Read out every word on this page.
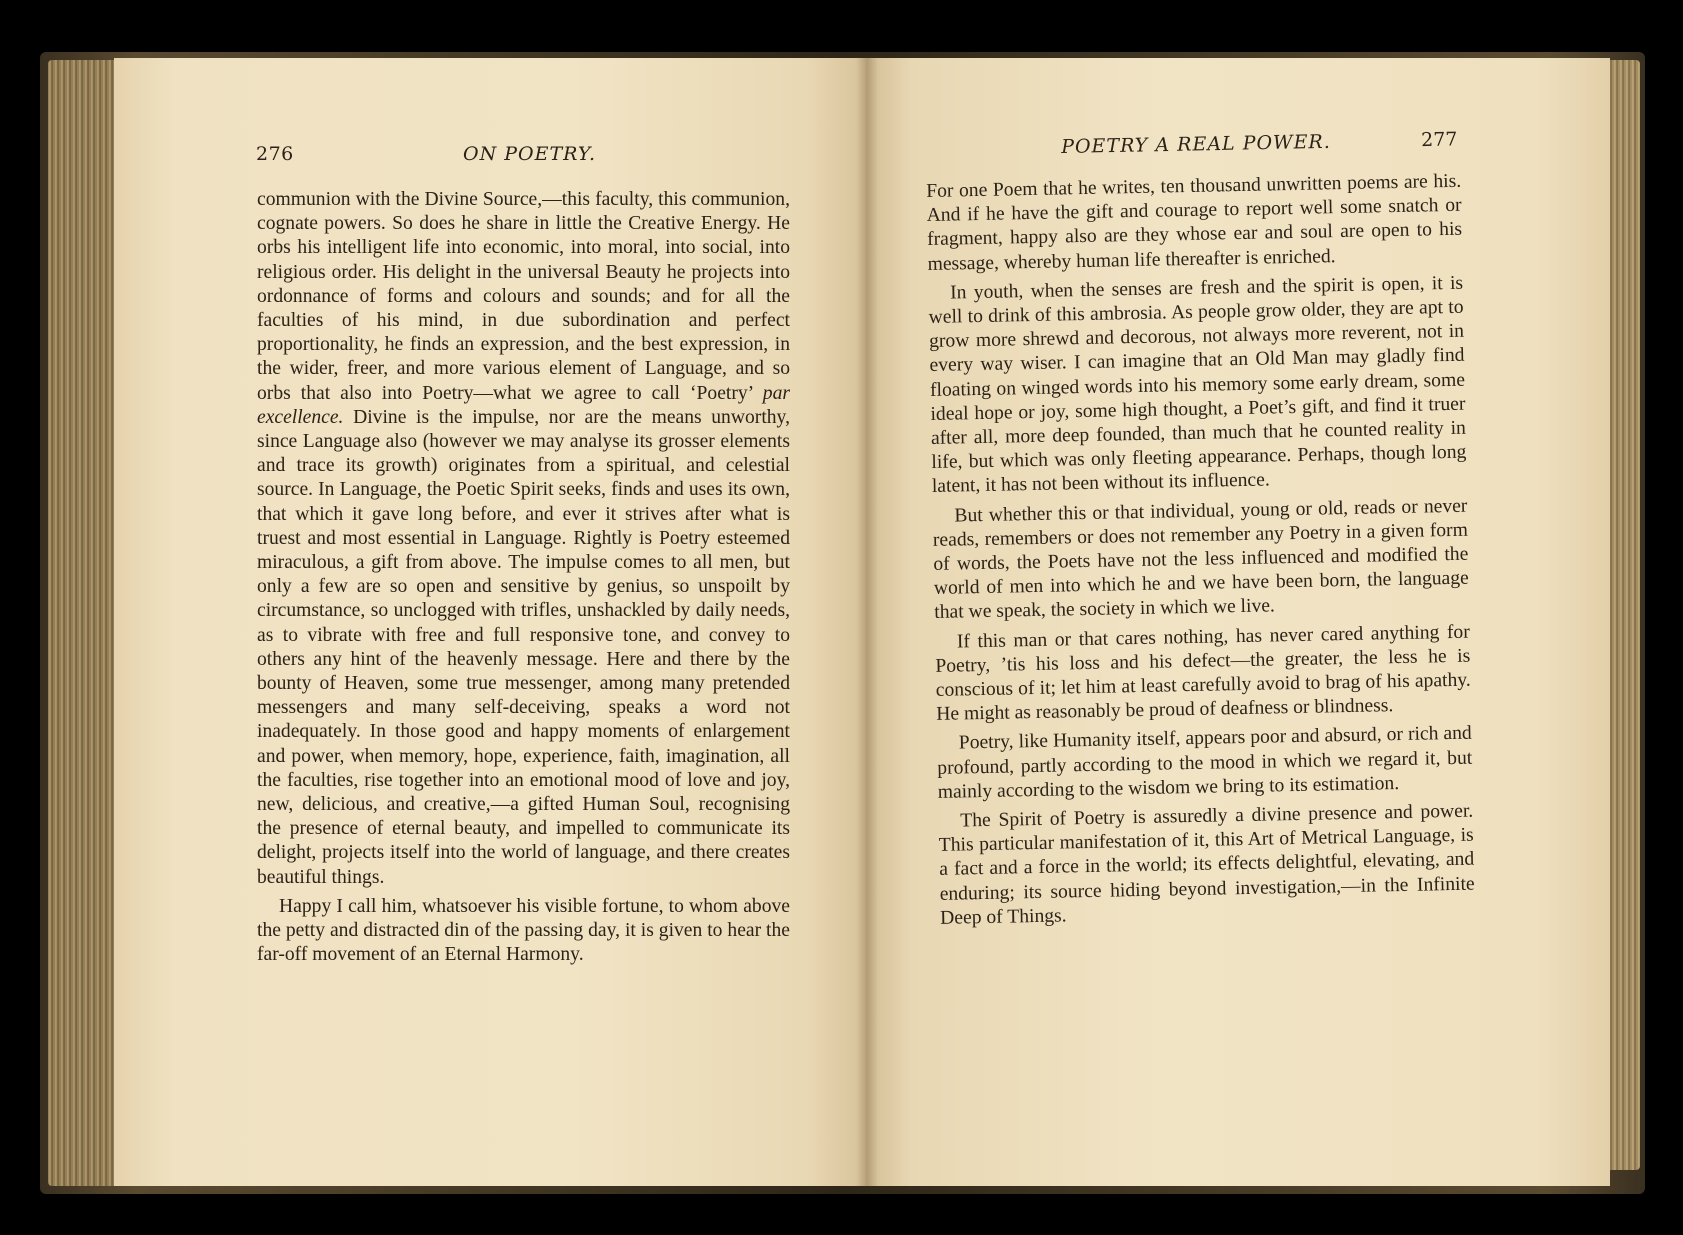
276	ON POETRY.

communion with the Divine Source,—this faculty, this communion, cognate powers. So does he share in little the Creative Energy. He orbs his intelligent life into economic, into moral, into social, into religious order. His delight in the universal Beauty he projects into ordonnance of forms and colours and sounds; and for all the faculties of his mind, in due subordination and perfect proportionality, he finds an expression, and the best expression, in the wider, freer, and more various element of Language, and so orbs that also into Poetry—what we agree to call ‘Poetry’ par excellence. Divine is the impulse, nor are the means unworthy, since Language also (however we may analyse its grosser elements and trace its growth) originates from a spiritual, and celestial source. In Language, the Poetic Spirit seeks, finds and uses its own, that which it gave long before, and ever it strives after what is truest and most essential in Language. Rightly is Poetry esteemed miraculous, a gift from above. The impulse comes to all men, but only a few are so open and sensitive by genius, so unspoilt by circumstance, so unclogged with trifles, unshackled by daily needs, as to vibrate with free and full responsive tone, and convey to others any hint of the heavenly message. Here and there by the bounty of Heaven, some true messenger, among many pretended messengers and many self-deceiving, speaks a word not inadequately. In those good and happy moments of enlargement and power, when memory, hope, experience, faith, imagination, all the faculties, rise together into an emotional mood of love and joy, new, delicious, and creative,—a gifted Human Soul, recognising the presence of eternal beauty, and impelled to communicate its delight, projects itself into the world of language, and there creates beautiful things.

Happy I call him, whatsoever his visible fortune, to whom above the petty and distracted din of the passing day, it is given to hear the far-off movement of an Eternal Harmony.

POETRY A REAL POWER.	277

For one Poem that he writes, ten thousand unwritten poems are his. And if he have the gift and courage to report well some snatch or fragment, happy also are they whose ear and soul are open to his message, whereby human life thereafter is enriched.

In youth, when the senses are fresh and the spirit is open, it is well to drink of this ambrosia. As people grow older, they are apt to grow more shrewd and decorous, not always more reverent, not in every way wiser. I can imagine that an Old Man may gladly find floating on winged words into his memory some early dream, some ideal hope or joy, some high thought, a Poet’s gift, and find it truer after all, more deep founded, than much that he counted reality in life, but which was only fleeting appearance. Perhaps, though long latent, it has not been without its influence.

But whether this or that individual, young or old, reads or never reads, remembers or does not remember any Poetry in a given form of words, the Poets have not the less influenced and modified the world of men into which he and we have been born, the language that we speak, the society in which we live.

If this man or that cares nothing, has never cared anything for Poetry, ’tis his loss and his defect—the greater, the less he is conscious of it; let him at least carefully avoid to brag of his apathy. He might as reasonably be proud of deafness or blindness.

Poetry, like Humanity itself, appears poor and absurd, or rich and profound, partly according to the mood in which we regard it, but mainly according to the wisdom we bring to its estimation.

The Spirit of Poetry is assuredly a divine presence and power. This particular manifestation of it, this Art of Metrical Language, is a fact and a force in the world; its effects delightful, elevating, and enduring; its source hiding beyond investigation,—in the Infinite Deep of Things.
